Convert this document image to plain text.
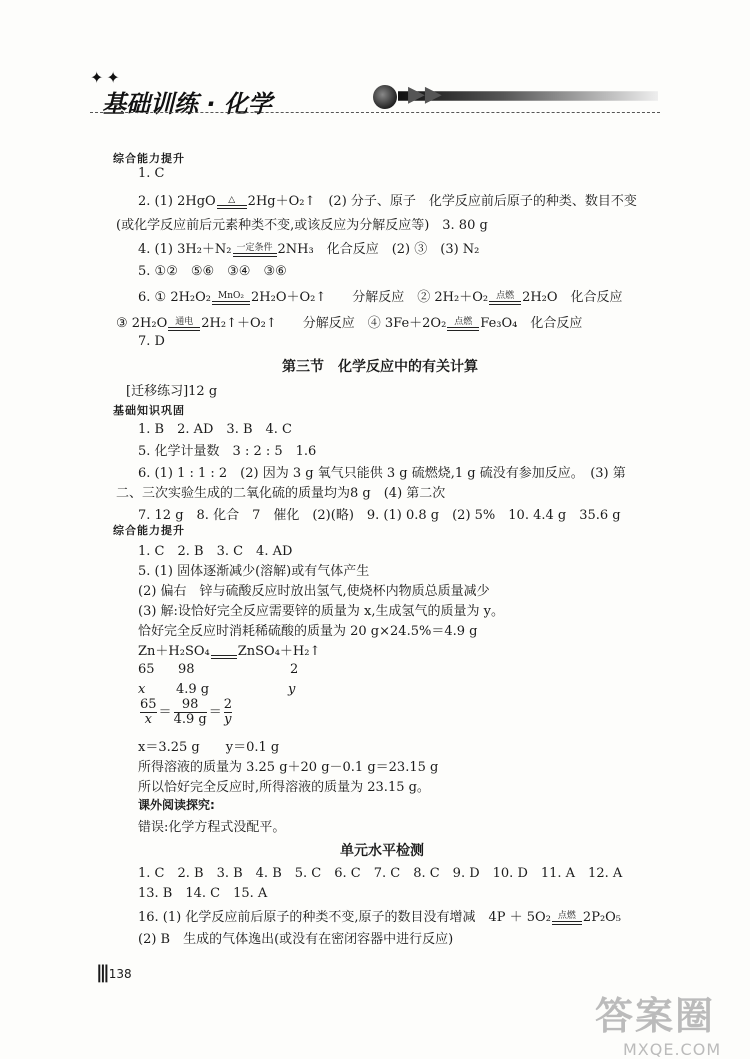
✦✦
基础训练 · 化学	▶▶
综合能力提升
1. C
2. (1) 2HgO	△ 2Hg＋O₂↑　(2) 分子、原子　化学反应前后原子的种类、数目不变
(或化学反应前后元素种类不变,或该反应为分解反应等)　3. 80 g
4. (1) 3H₂＋N₂ 一定条件 2NH₃　化合反应　(2) ③　(3) N₂
5. ①②　⑤⑥　③④　③⑥
6. ① 2H₂O₂ MnO₂ 2H₂O＋O₂↑　　分解反应　② 2H₂＋O₂ 点燃 2H₂O　化合反应
③ 2H₂O 通电 2H₂↑＋O₂↑　　分解反应　④ 3Fe＋2O₂ 点燃 Fe₃O₄　化合反应
7. D
第三节　化学反应中的有关计算
[迁移练习]12 g
基础知识巩固
1. B　2. AD　3. B　4. C
5. 化学计量数　3 : 2 : 5　1.6
6. (1) 1 : 1 : 2　(2) 因为 3 g 氧气只能供 3 g 硫燃烧,1 g 硫没有参加反应。　(3) 第
二、三次实验生成的二氧化硫的质量均为8 g　(4) 第二次
7. 12 g　8. 化合　7　催化　(2)(略)　9. (1) 0.8 g　(2) 5%　10. 4.4 g　35.6 g
综合能力提升
1. C　2. B　3. C　4. AD
5. (1) 固体逐渐减少(溶解)或有气体产生
(2) 偏右　锌与硫酸反应时放出氢气,使烧杯内物质总质量减少
(3) 解:设恰好完全反应需要锌的质量为 x,生成氢气的质量为 y。
恰好完全反应时消耗稀硫酸的质量为 20 g×24.5%＝4.9 g
Zn＋H₂SO₄ ZnSO₄＋H₂↑
65 98	2
x 4.9 g	y
$\frac{65}{x} = \frac{98}{4.9 g} = \frac{2}{y}$
x＝3.25 g　　y＝0.1 g
所得溶液的质量为 3.25 g＋20 g－0.1 g＝23.15 g
所以恰好完全反应时,所得溶液的质量为 23.15 g。
课外阅读探究:
错误:化学方程式没配平。
单元水平检测
1. C　2. B　3. B　4. B　5. C　6. C　7. C　8. C　9. D　10. D　11. A　12. A
13. B　14. C　15. A
16. (1) 化学反应前后原子的种类不变,原子的数目没有增减　4P ＋ 5O₂ 点燃 2P₂O₅
(2) B　生成的气体逸出(或没有在密闭容器中进行反应)
||| 138
答案圈
MXQE.COM
